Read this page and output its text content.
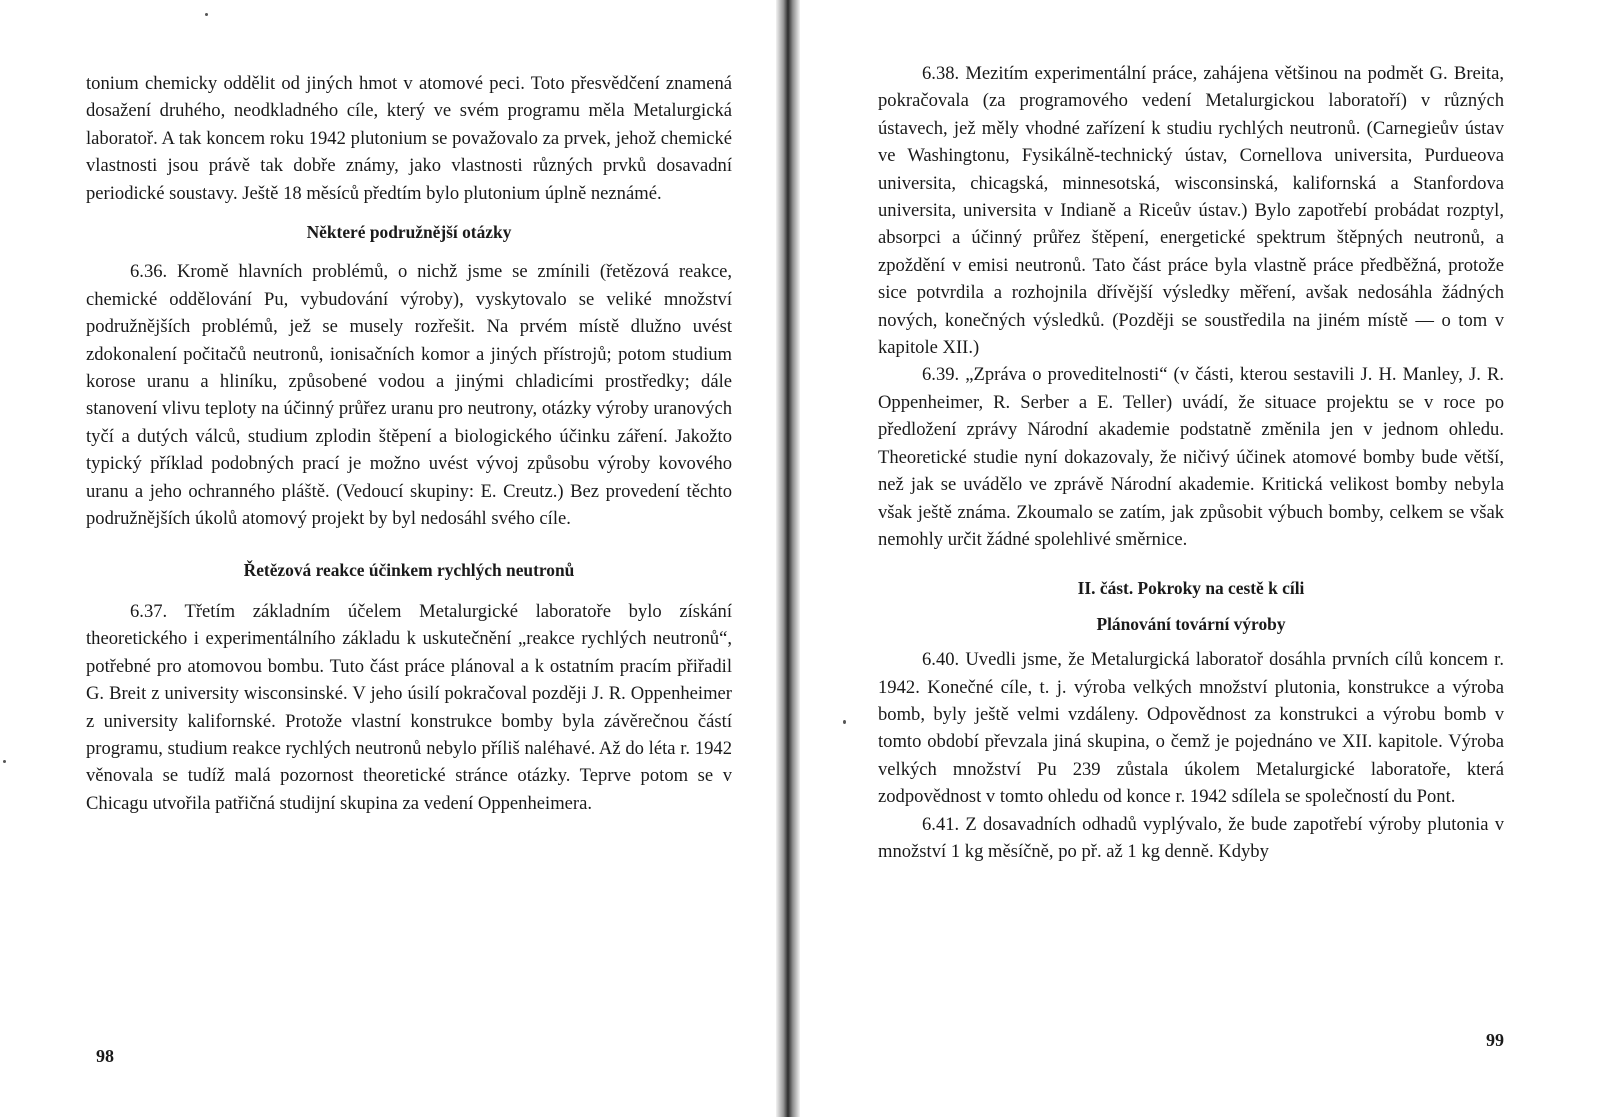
tonium chemicky oddělit od jiných hmot v atomové peci. Toto přesvědčení znamená dosažení druhého, neodkladného cíle, který ve svém programu měla Metalurgická laboratoř. A tak koncem roku 1942 plutonium se považovalo za prvek, jehož chemické vlastnosti jsou právě tak dobře známy, jako vlastnosti různých prvků dosavadní periodické soustavy. Ještě 18 měsíců předtím bylo plutonium úplně neznámé.

Některé podružnější otázky

6.36. Kromě hlavních problémů, o nichž jsme se zmínili (řetězová reakce, chemické oddělování Pu, vybudování výroby), vyskytovalo se veliké množství podružnějších problémů, jež se musely rozřešit. Na prvém místě dlužno uvést zdokonalení počitačů neutronů, ionisačních komor a jiných přístrojů; potom studium korose uranu a hliníku, způsobené vodou a jinými chladicími prostředky; dále stanovení vlivu teploty na účinný průřez uranu pro neutrony, otázky výroby uranových tyčí a dutých válců, studium zplodin štěpení a biologického účinku záření. Jakožto typický příklad podobných prací je možno uvést vývoj způsobu výroby kovového uranu a jeho ochranného pláště. (Vedoucí skupiny: E. Creutz.) Bez provedení těchto podružnějších úkolů atomový projekt by byl nedosáhl svého cíle.

Řetězová reakce účinkem rychlých neutronů

6.37. Třetím základním účelem Metalurgické laboratoře bylo získání theoretického i experimentálního základu k uskutečnění „reakce rychlých neutronů“, potřebné pro atomovou bombu. Tuto část práce plánoval a k ostatním pracím přiřadil G. Breit z university wisconsinské. V jeho úsilí pokračoval později J. R. Oppenheimer z university kalifornské. Protože vlastní konstrukce bomby byla závěrečnou částí programu, studium reakce rychlých neutronů nebylo příliš naléhavé. Až do léta r. 1942 věnovala se tudíž malá pozornost theoretické stránce otázky. Teprve potom se v Chicagu utvořila patřičná studijní skupina za vedení Oppenheimera.

98

6.38. Mezitím experimentální práce, zahájena většinou na podmět G. Breita, pokračovala (za programového vedení Metalurgickou laboratoří) v různých ústavech, jež měly vhodné zařízení k studiu rychlých neutronů. (Carnegieův ústav ve Washingtonu, Fysikálně-technický ústav, Cornellova universita, Purdueova universita, chicagská, minnesotská, wisconsinská, kalifornská a Stanfordova universita, universita v Indianě a Riceův ústav.) Bylo zapotřebí probádat rozptyl, absorpci a účinný průřez štěpení, energetické spektrum štěpných neutronů, a zpoždění v emisi neutronů. Tato část práce byla vlastně práce předběžná, protože sice potvrdila a rozhojnila dřívější výsledky měření, avšak nedosáhla žádných nových, konečných výsledků. (Později se soustředila na jiném místě — o tom v kapitole XII.)

6.39. „Zpráva o proveditelnosti“ (v části, kterou sestavili J. H. Manley, J. R. Oppenheimer, R. Serber a E. Teller) uvádí, že situace projektu se v roce po předložení zprávy Národní akademie podstatně změnila jen v jednom ohledu. Theoretické studie nyní dokazovaly, že ničivý účinek atomové bomby bude větší, než jak se uvádělo ve zprávě Národní akademie. Kritická velikost bomby nebyla však ještě známa. Zkoumalo se zatím, jak způsobit výbuch bomby, celkem se však nemohly určit žádné spolehlivé směrnice.

II. část. Pokroky na cestě k cíli
Plánování tovární výroby

6.40. Uvedli jsme, že Metalurgická laboratoř dosáhla prvních cílů koncem r. 1942. Konečné cíle, t. j. výroba velkých množství plutonia, konstrukce a výroba bomb, byly ještě velmi vzdáleny. Odpovědnost za konstrukci a výrobu bomb v tomto období převzala jiná skupina, o čemž je pojednáno ve XII. kapitole. Výroba velkých množství Pu 239 zůstala úkolem Metalurgické laboratoře, která zodpovědnost v tomto ohledu od konce r. 1942 sdílela se společností du Pont.

6.41. Z dosavadních odhadů vyplývalo, že bude zapotřebí výroby plutonia v množství 1 kg měsíčně, po př. až 1 kg denně. Kdyby

99
